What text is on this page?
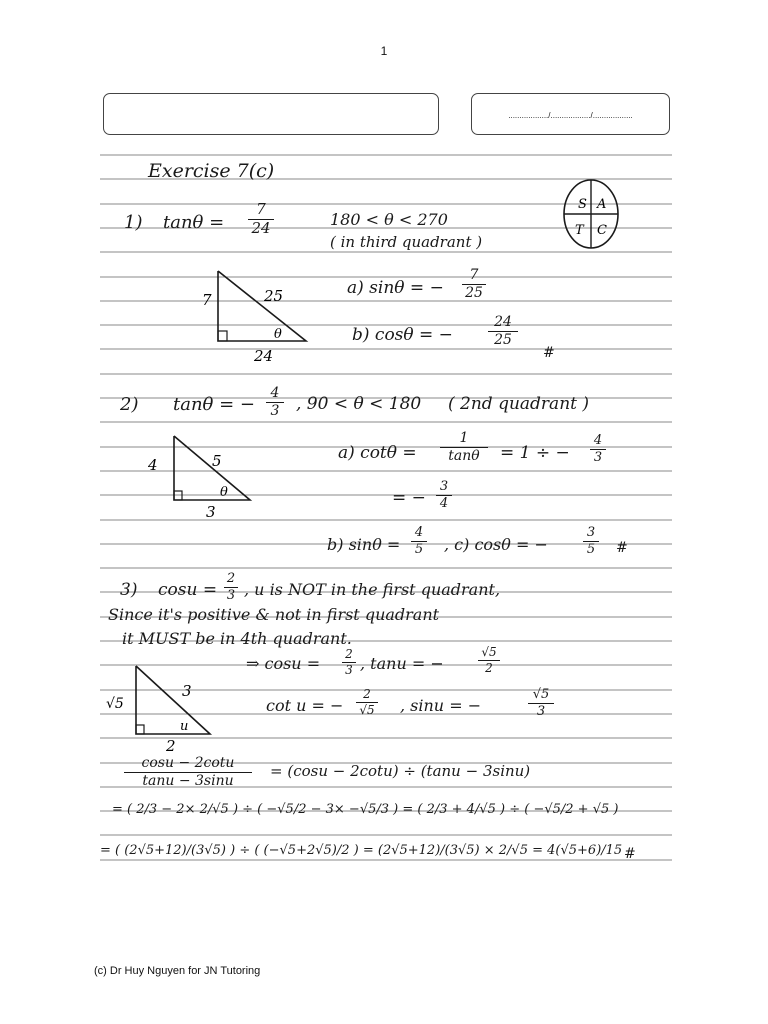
1
................../................../..................
Exercise 7(c)
S A
T C
1) tanθ =
7
24	180 < θ < 270
( in third quadrant )
7	25
24
θ
a) sinθ = −
7
25
b) cosθ = −
24
25
#
2) tanθ = −
4
3 , 90 < θ < 180 ( 2nd quadrant )
4	5
3
θ
a) cotθ =
1
tanθ	= 1 ÷ −
4
3
= −
3
4
b) sinθ =
4
5 , c) cosθ = −
3
5 #
3) cosu =
2
3 , u is NOT in the first quadrant,
Since it's positive & not in first quadrant
it MUST be in 4th quadrant.
⇒ cosu = 2
3 , tanu = −
√5
2
√5
3
2
u
cot u = −
2
√5 , sinu = −
√5
3
cosu − 2cotu
tanu − 3sinu
= (cosu − 2cotu) ÷ (tanu − 3sinu)
= ( 2/3 − 2× 2/√5 ) ÷ ( −√5/2 − 3× −√5/3 ) = ( 2/3 + 4/√5 ) ÷ ( −√5/2 + √5 )
= ( (2√5+12)/(3√5) ) ÷ ( (−√5+2√5)/2 ) = (2√5+12)/(3√5) × 2/√5 = 4(√5+6)/15 #
(c) Dr Huy Nguyen for JN Tutoring
